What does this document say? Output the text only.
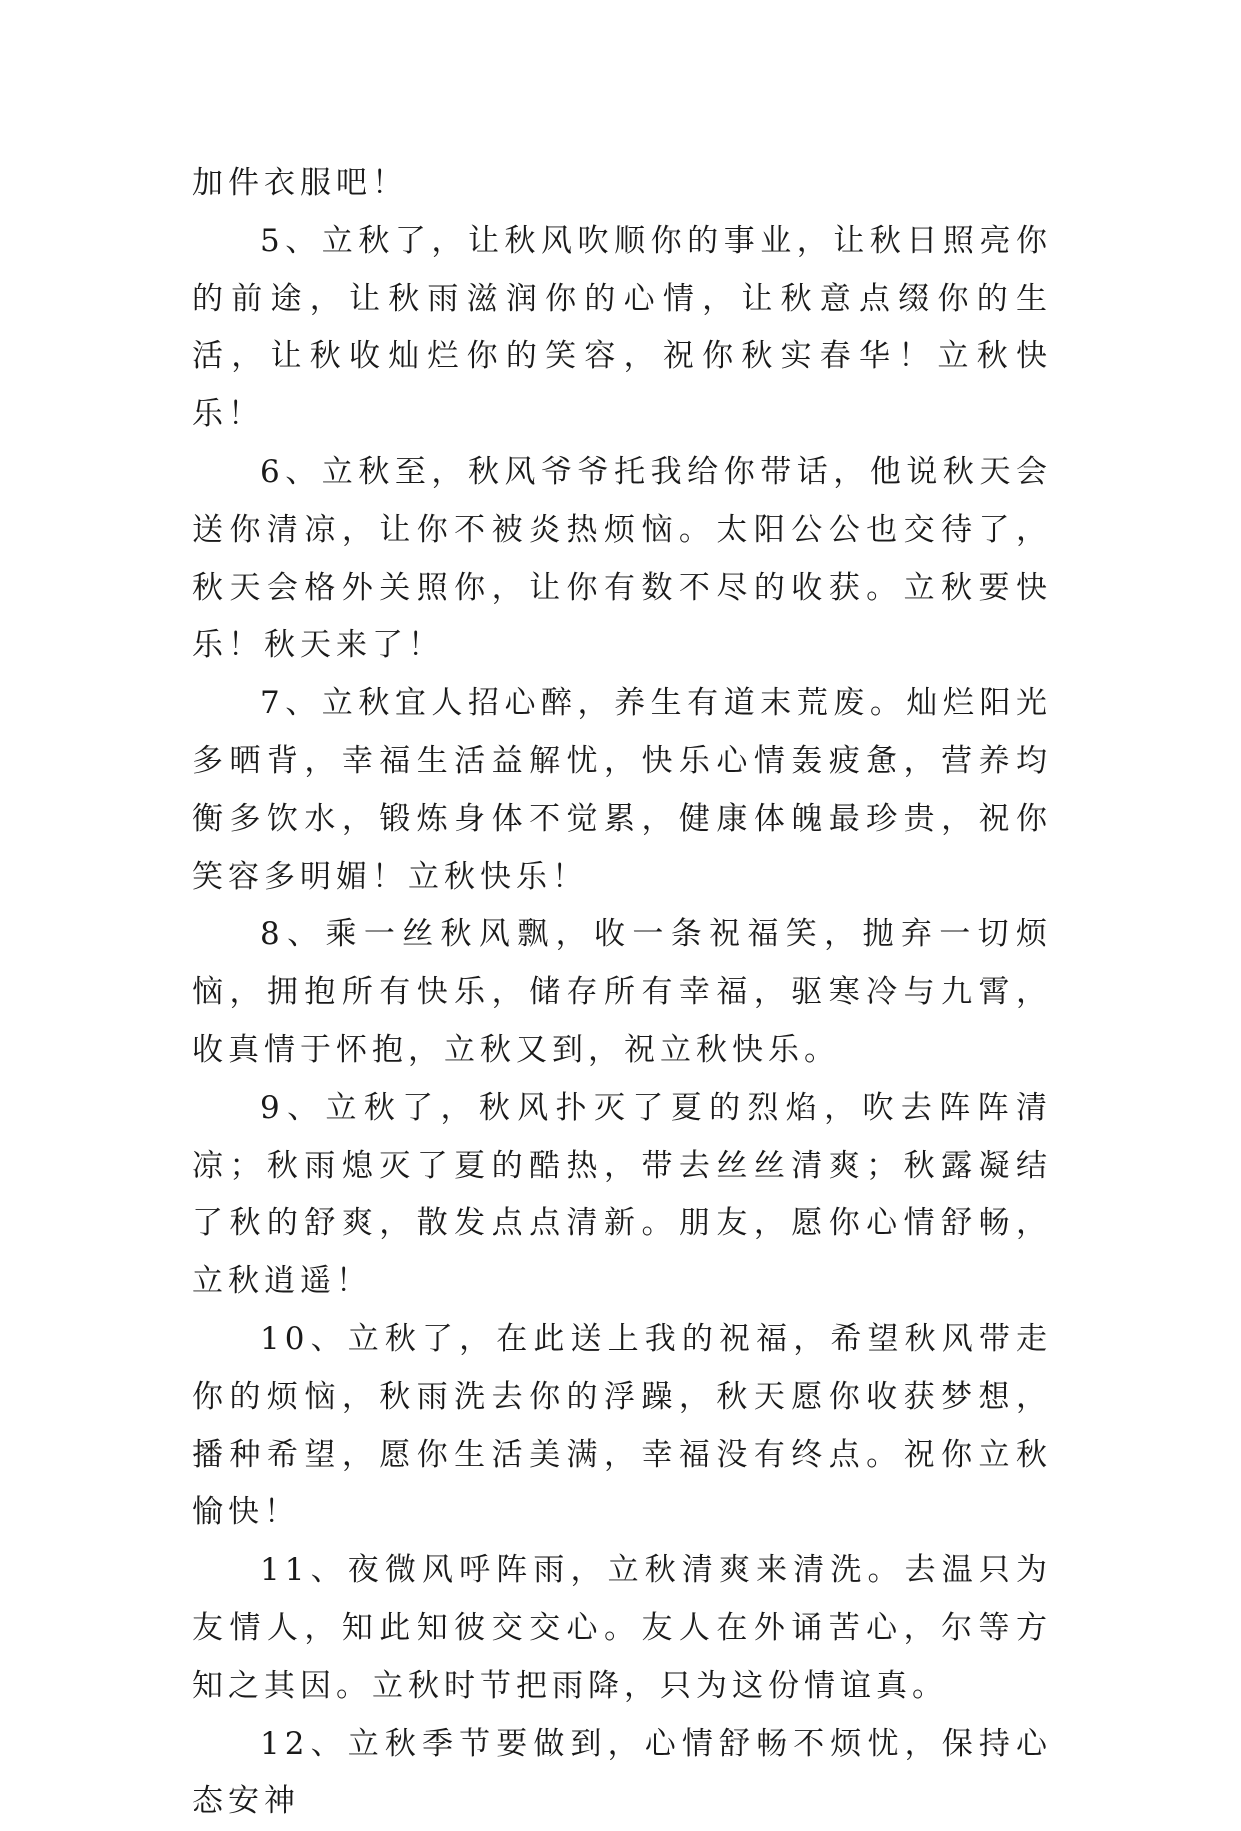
加件衣服吧！

5、立秋了，让秋风吹顺你的事业，让秋日照亮你的前途，让秋雨滋润你的心情，让秋意点缀你的生活，让秋收灿烂你的笑容，祝你秋实春华！立秋快乐！

6、立秋至，秋风爷爷托我给你带话，他说秋天会送你清凉，让你不被炎热烦恼。太阳公公也交待了，秋天会格外关照你，让你有数不尽的收获。立秋要快乐！秋天来了！

7、立秋宜人招心醉，养生有道末荒废。灿烂阳光多晒背，幸福生活益解忧，快乐心情轰疲惫，营养均衡多饮水，锻炼身体不觉累，健康体魄最珍贵，祝你笑容多明媚！立秋快乐！

8、乘一丝秋风飘，收一条祝福笑，抛弃一切烦恼，拥抱所有快乐，储存所有幸福，驱寒冷与九霄，收真情于怀抱，立秋又到，祝立秋快乐。

9、立秋了，秋风扑灭了夏的烈焰，吹去阵阵清凉；秋雨熄灭了夏的酷热，带去丝丝清爽；秋露凝结了秋的舒爽，散发点点清新。朋友，愿你心情舒畅，立秋逍遥！

10、立秋了，在此送上我的祝福，希望秋风带走你的烦恼，秋雨洗去你的浮躁，秋天愿你收获梦想，播种希望，愿你生活美满，幸福没有终点。祝你立秋愉快！

11、夜微风呼阵雨，立秋清爽来清洗。去温只为友情人，知此知彼交交心。友人在外诵苦心，尔等方知之其因。立秋时节把雨降，只为这份情谊真。

12、立秋季节要做到，心情舒畅不烦忧，保持心态安神
